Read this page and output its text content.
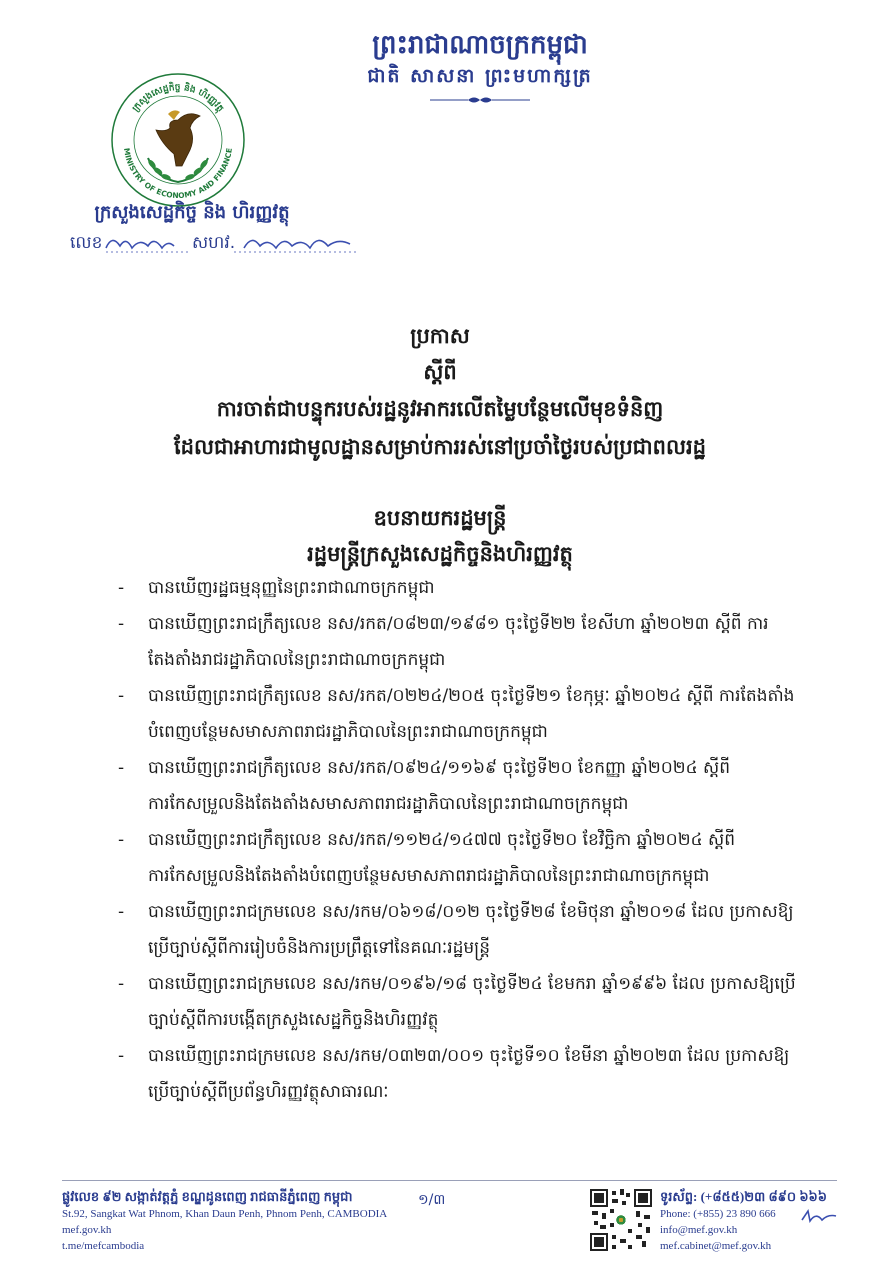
ព្រះរាជាណាចក្រកម្ពុជា
ជាតិ សាសនា ព្រះមហាក្សត្រ
ក្រសួងសេដ្ឋកិច្ច និង ហិរញ្ញវត្ថុ
MINISTRY OF ECONOMY AND FINANCE
ក្រសួងសេដ្ឋកិច្ច និង ហិរញ្ញវត្ថុ
លេខ	សហវ.
ប្រកាស
ស្ដីពី
ការចាត់ជាបន្ទុករបស់រដ្ឋនូវអាករលើតម្លៃបន្ថែមលើមុខទំនិញ
ដែលជាអាហារជាមូលដ្ឋានសម្រាប់ការរស់នៅប្រចាំថ្ងៃរបស់ប្រជាពលរដ្ឋ
ឧបនាយករដ្ឋមន្ត្រី
រដ្ឋមន្ត្រីក្រសួងសេដ្ឋកិច្ចនិងហិរញ្ញវត្ថុ
- បានឃើញរដ្ឋធម្មនុញ្ញនៃព្រះរាជាណាចក្រកម្ពុជា
- បានឃើញព្រះរាជក្រឹត្យលេខ នស/រកត/០៨២៣/១៩៨១ ចុះថ្ងៃទី២២ ខែសីហា ឆ្នាំ២០២៣ ស្ដីពី ការតែងតាំងរាជរដ្ឋាភិបាលនៃព្រះរាជាណាចក្រកម្ពុជា
- បានឃើញព្រះរាជក្រឹត្យលេខ នស/រកត/០២២៤/២០៥ ចុះថ្ងៃទី២១ ខែកុម្ភៈ ឆ្នាំ២០២៤ ស្ដីពី ការតែងតាំងបំពេញបន្ថែមសមាសភាពរាជរដ្ឋាភិបាលនៃព្រះរាជាណាចក្រកម្ពុជា
- បានឃើញព្រះរាជក្រឹត្យលេខ នស/រកត/០៩២៤/១១៦៩ ចុះថ្ងៃទី២០ ខែកញ្ញា ឆ្នាំ២០២៤ ស្ដីពី ការកែសម្រួលនិងតែងតាំងសមាសភាពរាជរដ្ឋាភិបាលនៃព្រះរាជាណាចក្រកម្ពុជា
- បានឃើញព្រះរាជក្រឹត្យលេខ នស/រកត/១១២៤/១៤៧៧ ចុះថ្ងៃទី២០ ខែវិច្ឆិកា ឆ្នាំ២០២៤ ស្ដីពី ការកែសម្រួលនិងតែងតាំងបំពេញបន្ថែមសមាសភាពរាជរដ្ឋាភិបាលនៃព្រះរាជាណាចក្រកម្ពុជា
- បានឃើញព្រះរាជក្រមលេខ នស/រកម/០៦១៨/០១២ ចុះថ្ងៃទី២៨ ខែមិថុនា ឆ្នាំ២០១៨ ដែល ប្រកាសឱ្យប្រើច្បាប់ស្ដីពីការរៀបចំនិងការប្រព្រឹត្តទៅនៃគណៈរដ្ឋមន្ត្រី
- បានឃើញព្រះរាជក្រមលេខ នស/រកម/០១៩៦/១៨ ចុះថ្ងៃទី២៤ ខែមករា ឆ្នាំ១៩៩៦ ដែល ប្រកាសឱ្យប្រើច្បាប់ស្ដីពីការបង្កើតក្រសួងសេដ្ឋកិច្ចនិងហិរញ្ញវត្ថុ
- បានឃើញព្រះរាជក្រមលេខ នស/រកម/០៣២៣/០០១ ចុះថ្ងៃទី១០ ខែមីនា ឆ្នាំ២០២៣ ដែល ប្រកាសឱ្យប្រើច្បាប់ស្ដីពីប្រព័ន្ធហិរញ្ញវត្ថុសាធារណៈ
ផ្លូវលេខ ៩២ សង្កាត់វត្តភ្នំ ខណ្ឌដូនពេញ រាជធានីភ្នំពេញ កម្ពុជា
St.92, Sangkat Wat Phnom, Khan Daun Penh, Phnom Penh, CAMBODIA
mef.gov.kh
t.me/mefcambodia
១/៣	ទូរស័ព្ទ: (+៨៥៥)២៣ ៨៩០ ៦៦៦
Phone: (+855) 23 890 666
info@mef.gov.kh
mef.cabinet@mef.gov.kh
